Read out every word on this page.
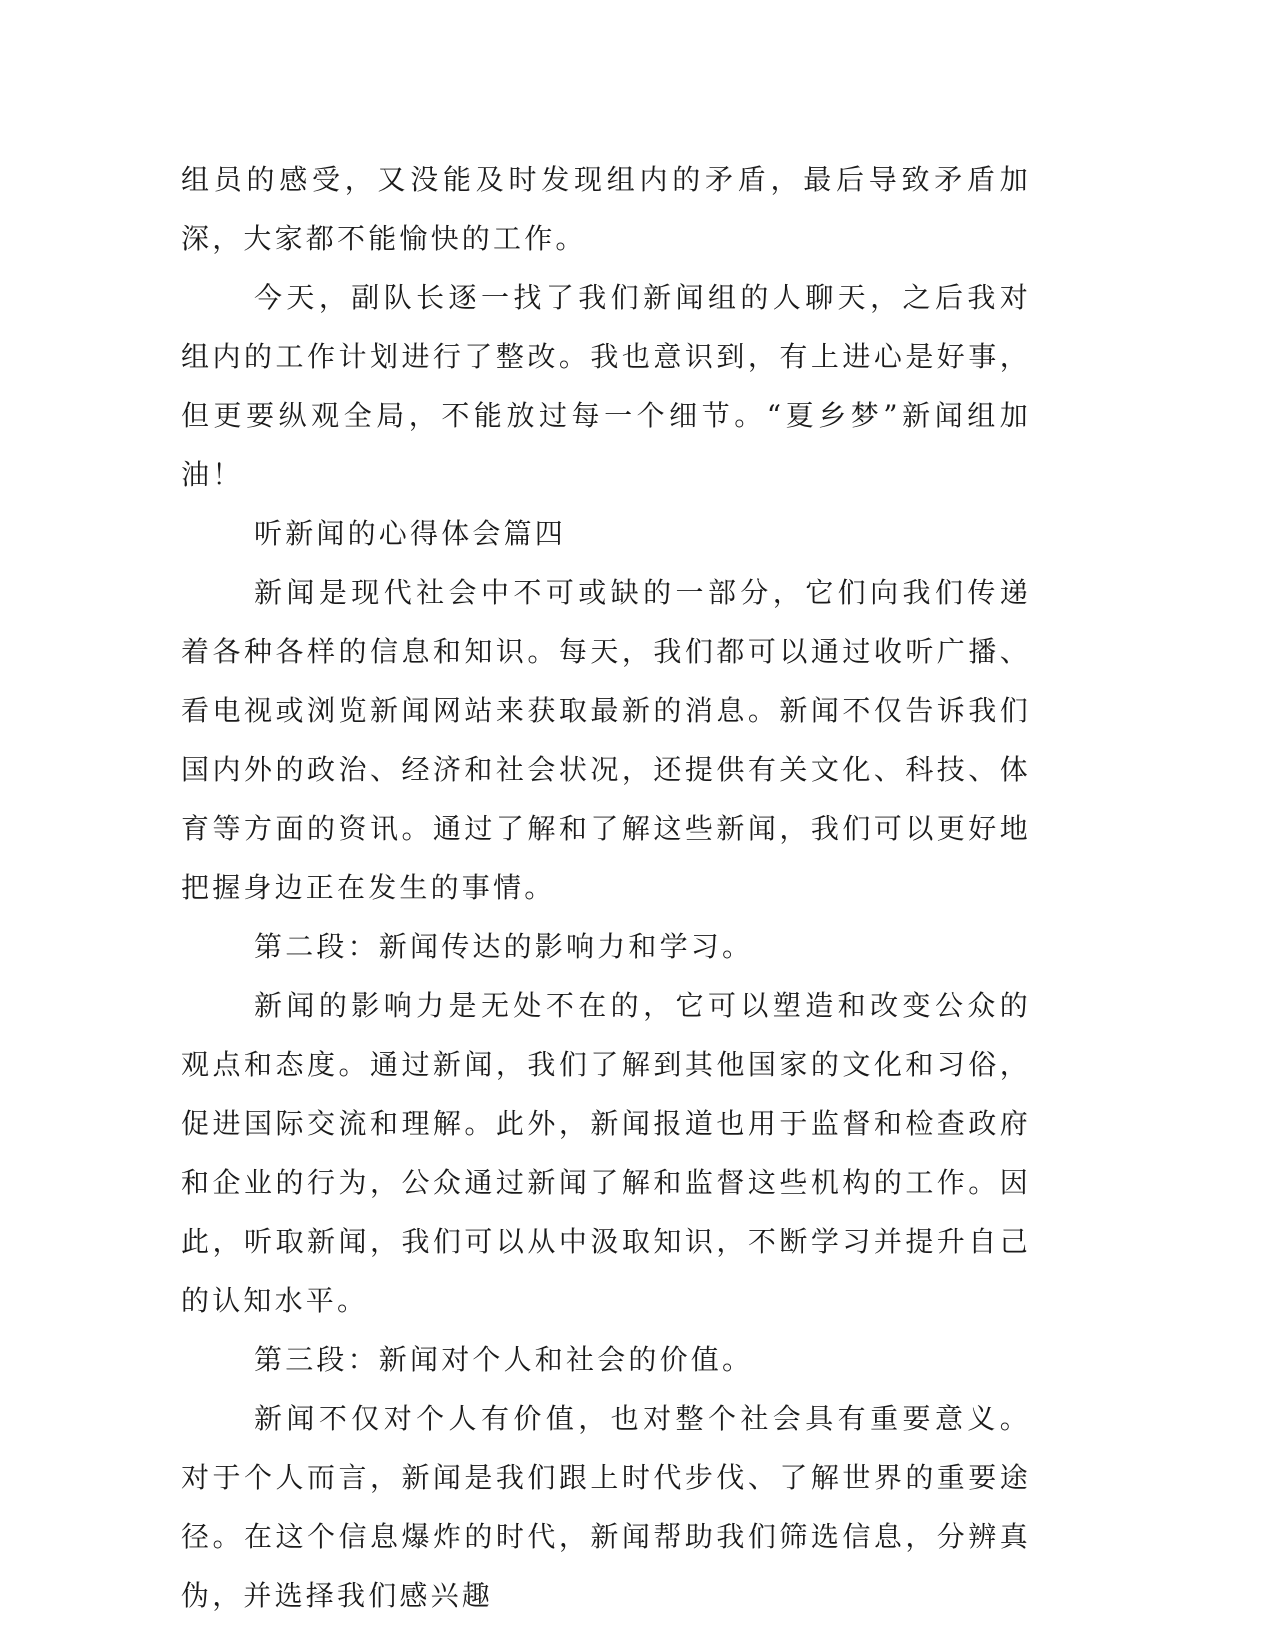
组员的感受，又没能及时发现组内的矛盾，最后导致矛盾加深，大家都不能愉快的工作。

今天，副队长逐一找了我们新闻组的人聊天，之后我对组内的工作计划进行了整改。我也意识到，有上进心是好事，但更要纵观全局，不能放过每一个细节。“夏乡梦”新闻组加油！

听新闻的心得体会篇四

新闻是现代社会中不可或缺的一部分，它们向我们传递着各种各样的信息和知识。每天，我们都可以通过收听广播、看电视或浏览新闻网站来获取最新的消息。新闻不仅告诉我们国内外的政治、经济和社会状况，还提供有关文化、科技、体育等方面的资讯。通过了解和了解这些新闻，我们可以更好地把握身边正在发生的事情。

第二段：新闻传达的影响力和学习。

新闻的影响力是无处不在的，它可以塑造和改变公众的观点和态度。通过新闻，我们了解到其他国家的文化和习俗，促进国际交流和理解。此外，新闻报道也用于监督和检查政府和企业的行为，公众通过新闻了解和监督这些机构的工作。因此，听取新闻，我们可以从中汲取知识，不断学习并提升自己的认知水平。

第三段：新闻对个人和社会的价值。

新闻不仅对个人有价值，也对整个社会具有重要意义。对于个人而言，新闻是我们跟上时代步伐、了解世界的重要途径。在这个信息爆炸的时代，新闻帮助我们筛选信息，分辨真伪，并选择我们感兴趣
